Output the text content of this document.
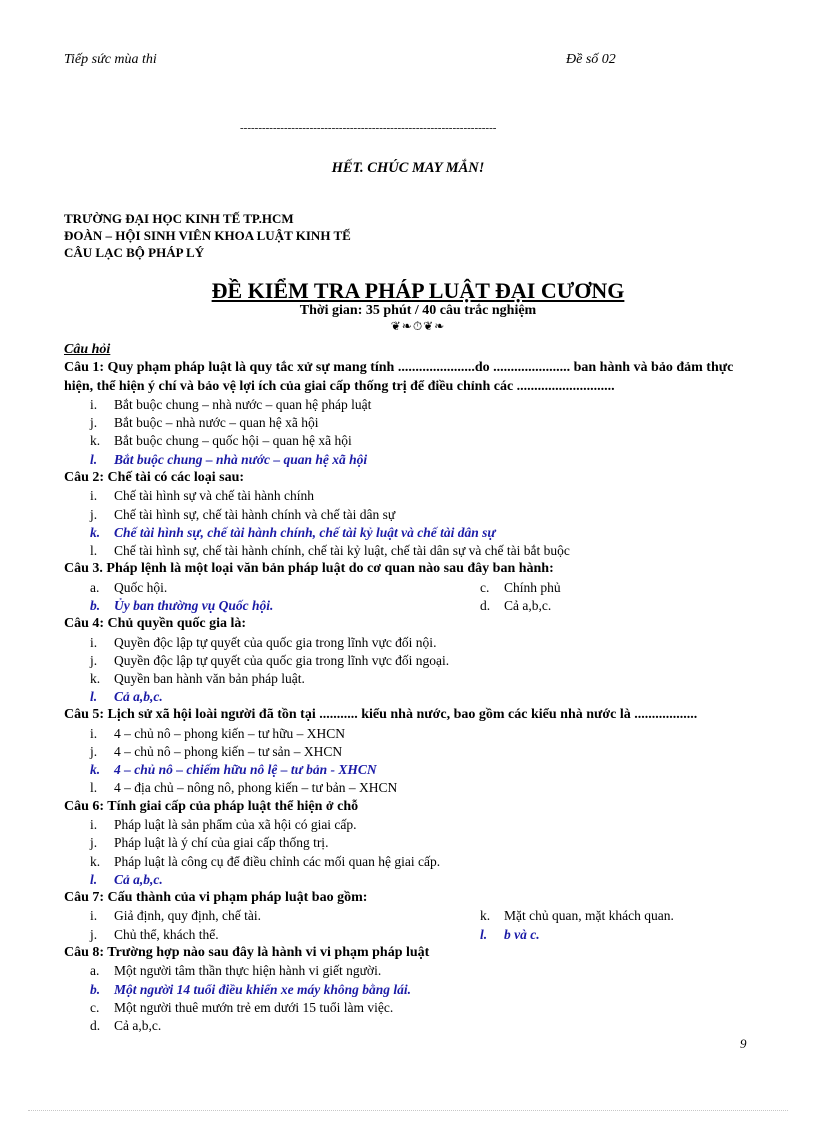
Tiếp sức mùa thi	Đề số 02
----------------------------------------------------------------------
HẾT. CHÚC MAY MẮN!
TRƯỜNG ĐẠI HỌC KINH TẾ TP.HCM
ĐOÀN – HỘI SINH VIÊN KHOA LUẬT KINH TẾ
CÂU LẠC BỘ PHÁP LÝ
ĐỀ KIỂM TRA PHÁP LUẬT ĐẠI CƯƠNG
Thời gian: 35 phút / 40 câu trắc nghiệm
❦❧⏱❦❧
Câu hỏi
Câu 1: Quy phạm pháp luật là quy tắc xử sự mang tính ......................do ...................... ban hành và bảo đảm thực hiện, thể hiện ý chí và bảo vệ lợi ích của giai cấp thống trị để điều chỉnh các ............................
i.	Bắt buộc chung – nhà nước – quan hệ pháp luật
j.	Bắt buộc – nhà nước – quan hệ xã hội
k.	Bắt buộc chung – quốc hội – quan hệ xã hội
l.	Bắt buộc chung – nhà nước – quan hệ xã hội
Câu 2: Chế tài có các loại sau:
i.	Chế tài hình sự và chế tài hành chính
j.	Chế tài hình sự, chế tài hành chính và chế tài dân sự
k.	Chế tài hình sự, chế tài hành chính, chế tài kỷ luật và chế tài dân sự
l.	Chế tài hình sự, chế tài hành chính, chế tài kỷ luật, chế tài dân sự và chế tài bắt buộc
Câu 3. Pháp lệnh là một loại văn bản pháp luật do cơ quan nào sau đây ban hành:
a.	Quốc hội.	c.	Chính phủ
b.	Ủy ban thường vụ Quốc hội.	d.	Cả a,b,c.
Câu 4: Chủ quyền quốc gia là:
i.	Quyền độc lập tự quyết của quốc gia trong lĩnh vực đối nội.
j.	Quyền độc lập tự quyết của quốc gia trong lĩnh vực đối ngoại.
k.	Quyền ban hành văn bản pháp luật.
l.	Cả a,b,c.
Câu 5: Lịch sử xã hội loài người đã tồn tại ........... kiểu nhà nước, bao gồm các kiểu nhà nước là ..................
i.	4 – chủ nô – phong kiến – tư hữu – XHCN
j.	4 – chủ nô – phong kiến – tư sản – XHCN
k.	4 – chủ nô – chiếm hữu nô lệ – tư bản - XHCN
l.	4 – địa chủ – nông nô, phong kiến – tư bản – XHCN
Câu 6: Tính giai cấp của pháp luật thể hiện ở chỗ
i.	Pháp luật là sản phẩm của xã hội có giai cấp.
j.	Pháp luật là ý chí của giai cấp thống trị.
k.	Pháp luật là công cụ để điều chỉnh các mối quan hệ giai cấp.
l.	Cả a,b,c.
Câu 7: Cấu thành của vi phạm pháp luật bao gồm:
i.	Giả định, quy định, chế tài.	k.	Mặt chủ quan, mặt khách quan.
j.	Chủ thể, khách thể.	l.	b và c.
Câu 8: Trường hợp nào sau đây là hành vi vi phạm pháp luật
a.	Một người tâm thần thực hiện hành vi giết người.
b.	Một người 14 tuổi điều khiển xe máy không bằng lái.
c.	Một người thuê mướn trẻ em dưới 15 tuổi làm việc.
d.	Cả a,b,c.
9
